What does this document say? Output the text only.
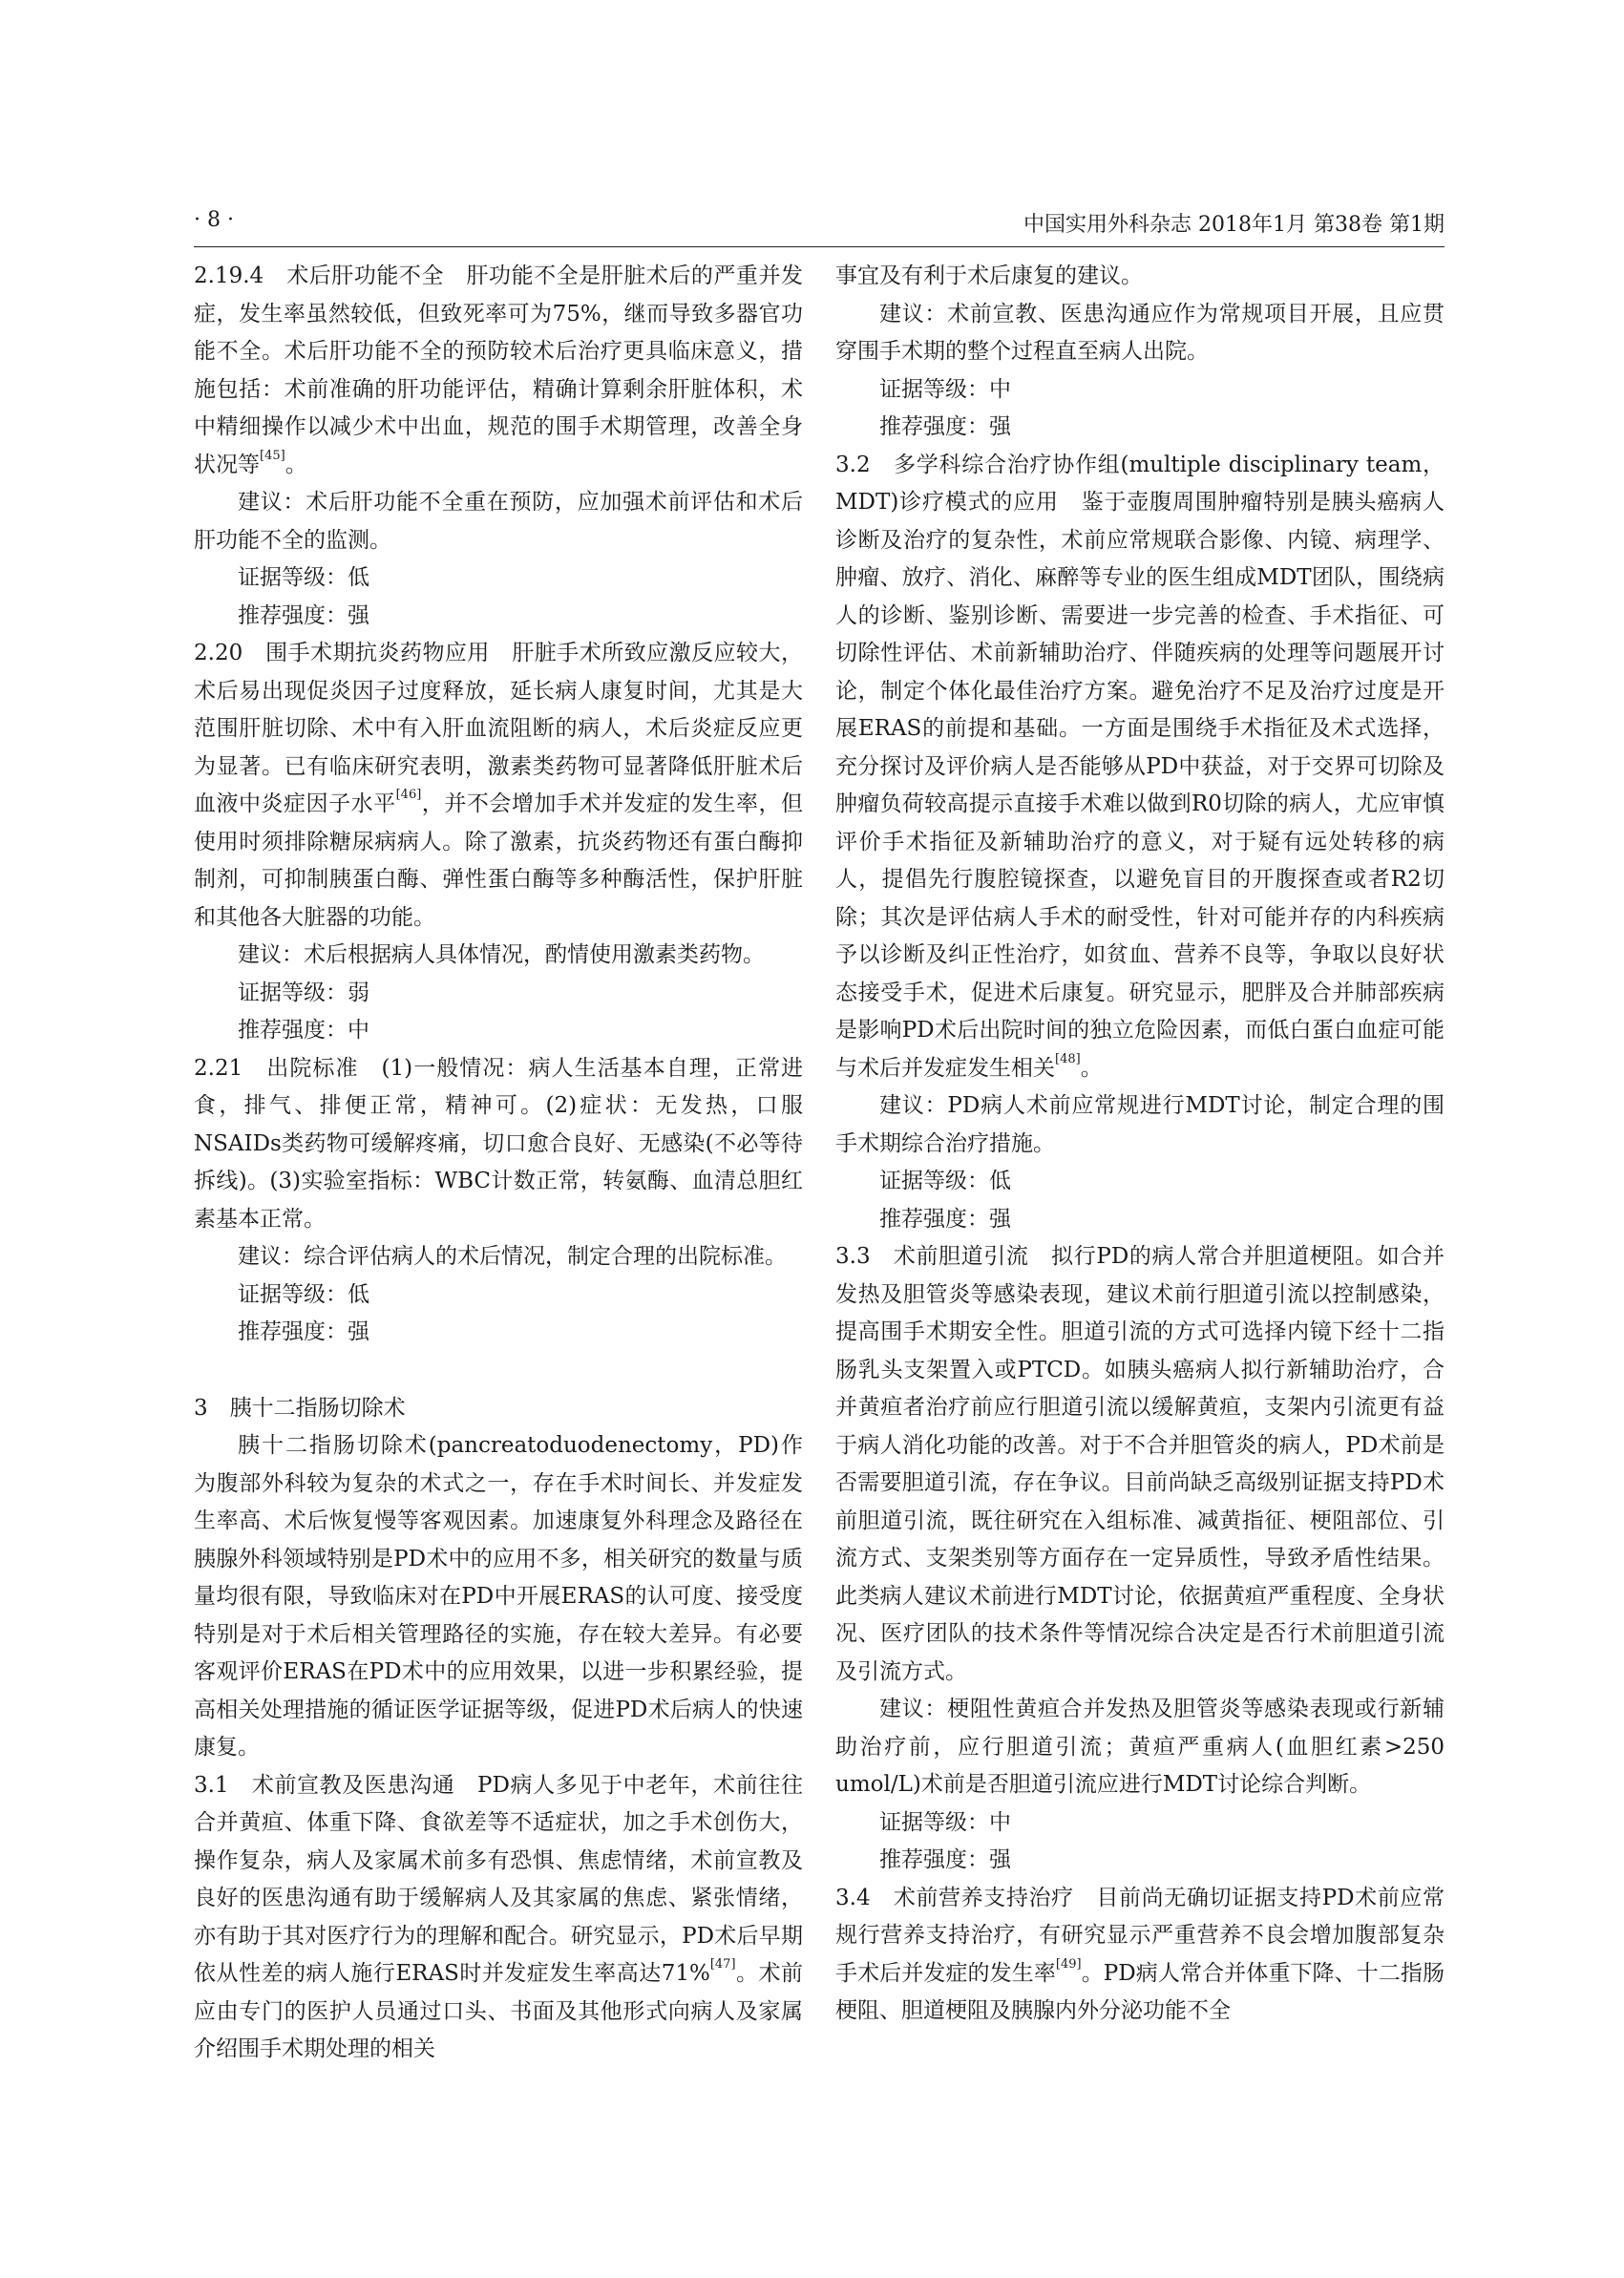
· 8 ·	中国实用外科杂志 2018年1月 第38卷 第1期

2.19.4　术后肝功能不全　肝功能不全是肝脏术后的严重并发症，发生率虽然较低，但致死率可为75%，继而导致多器官功能不全。术后肝功能不全的预防较术后治疗更具临床意义，措施包括：术前准确的肝功能评估，精确计算剩余肝脏体积，术中精细操作以减少术中出血，规范的围手术期管理，改善全身状况等[45]。

建议：术后肝功能不全重在预防，应加强术前评估和术后肝功能不全的监测。

证据等级：低

推荐强度：强

2.20　围手术期抗炎药物应用　肝脏手术所致应激反应较大，术后易出现促炎因子过度释放，延长病人康复时间，尤其是大范围肝脏切除、术中有入肝血流阻断的病人，术后炎症反应更为显著。已有临床研究表明，激素类药物可显著降低肝脏术后血液中炎症因子水平[46]，并不会增加手术并发症的发生率，但使用时须排除糖尿病病人。除了激素，抗炎药物还有蛋白酶抑制剂，可抑制胰蛋白酶、弹性蛋白酶等多种酶活性，保护肝脏和其他各大脏器的功能。

建议：术后根据病人具体情况，酌情使用激素类药物。

证据等级：弱

推荐强度：中

2.21　出院标准　(1)一般情况：病人生活基本自理，正常进食，排气、排便正常，精神可。(2)症状：无发热，口服NSAIDs类药物可缓解疼痛，切口愈合良好、无感染(不必等待拆线)。(3)实验室指标：WBC计数正常，转氨酶、血清总胆红素基本正常。

建议：综合评估病人的术后情况，制定合理的出院标准。

证据等级：低

推荐强度：强

3　胰十二指肠切除术

胰十二指肠切除术(pancreatoduodenectomy，PD)作为腹部外科较为复杂的术式之一，存在手术时间长、并发症发生率高、术后恢复慢等客观因素。加速康复外科理念及路径在胰腺外科领域特别是PD术中的应用不多，相关研究的数量与质量均很有限，导致临床对在PD中开展ERAS的认可度、接受度特别是对于术后相关管理路径的实施，存在较大差异。有必要客观评价ERAS在PD术中的应用效果，以进一步积累经验，提高相关处理措施的循证医学证据等级，促进PD术后病人的快速康复。

3.1　术前宣教及医患沟通　PD病人多见于中老年，术前往往合并黄疸、体重下降、食欲差等不适症状，加之手术创伤大，操作复杂，病人及家属术前多有恐惧、焦虑情绪，术前宣教及良好的医患沟通有助于缓解病人及其家属的焦虑、紧张情绪，亦有助于其对医疗行为的理解和配合。研究显示，PD术后早期依从性差的病人施行ERAS时并发症发生率高达71%[47]。术前应由专门的医护人员通过口头、书面及其他形式向病人及家属介绍围手术期处理的相关

事宜及有利于术后康复的建议。

建议：术前宣教、医患沟通应作为常规项目开展，且应贯穿围手术期的整个过程直至病人出院。

证据等级：中

推荐强度：强

3.2　多学科综合治疗协作组(multiple disciplinary team，MDT)诊疗模式的应用　鉴于壶腹周围肿瘤特别是胰头癌病人诊断及治疗的复杂性，术前应常规联合影像、内镜、病理学、肿瘤、放疗、消化、麻醉等专业的医生组成MDT团队，围绕病人的诊断、鉴别诊断、需要进一步完善的检查、手术指征、可切除性评估、术前新辅助治疗、伴随疾病的处理等问题展开讨论，制定个体化最佳治疗方案。避免治疗不足及治疗过度是开展ERAS的前提和基础。一方面是围绕手术指征及术式选择，充分探讨及评价病人是否能够从PD中获益，对于交界可切除及肿瘤负荷较高提示直接手术难以做到R0切除的病人，尤应审慎评价手术指征及新辅助治疗的意义，对于疑有远处转移的病人，提倡先行腹腔镜探查，以避免盲目的开腹探查或者R2切除；其次是评估病人手术的耐受性，针对可能并存的内科疾病予以诊断及纠正性治疗，如贫血、营养不良等，争取以良好状态接受手术，促进术后康复。研究显示，肥胖及合并肺部疾病是影响PD术后出院时间的独立危险因素，而低白蛋白血症可能与术后并发症发生相关[48]。

建议：PD病人术前应常规进行MDT讨论，制定合理的围手术期综合治疗措施。

证据等级：低

推荐强度：强

3.3　术前胆道引流　拟行PD的病人常合并胆道梗阻。如合并发热及胆管炎等感染表现，建议术前行胆道引流以控制感染，提高围手术期安全性。胆道引流的方式可选择内镜下经十二指肠乳头支架置入或PTCD。如胰头癌病人拟行新辅助治疗，合并黄疸者治疗前应行胆道引流以缓解黄疸，支架内引流更有益于病人消化功能的改善。对于不合并胆管炎的病人，PD术前是否需要胆道引流，存在争议。目前尚缺乏高级别证据支持PD术前胆道引流，既往研究在入组标准、减黄指征、梗阻部位、引流方式、支架类别等方面存在一定异质性，导致矛盾性结果。此类病人建议术前进行MDT讨论，依据黄疸严重程度、全身状况、医疗团队的技术条件等情况综合决定是否行术前胆道引流及引流方式。

建议：梗阻性黄疸合并发热及胆管炎等感染表现或行新辅助治疗前，应行胆道引流；黄疸严重病人(血胆红素>250 umol/L)术前是否胆道引流应进行MDT讨论综合判断。

证据等级：中

推荐强度：强

3.4　术前营养支持治疗　目前尚无确切证据支持PD术前应常规行营养支持治疗，有研究显示严重营养不良会增加腹部复杂手术后并发症的发生率[49]。PD病人常合并体重下降、十二指肠梗阻、胆道梗阻及胰腺内外分泌功能不全
